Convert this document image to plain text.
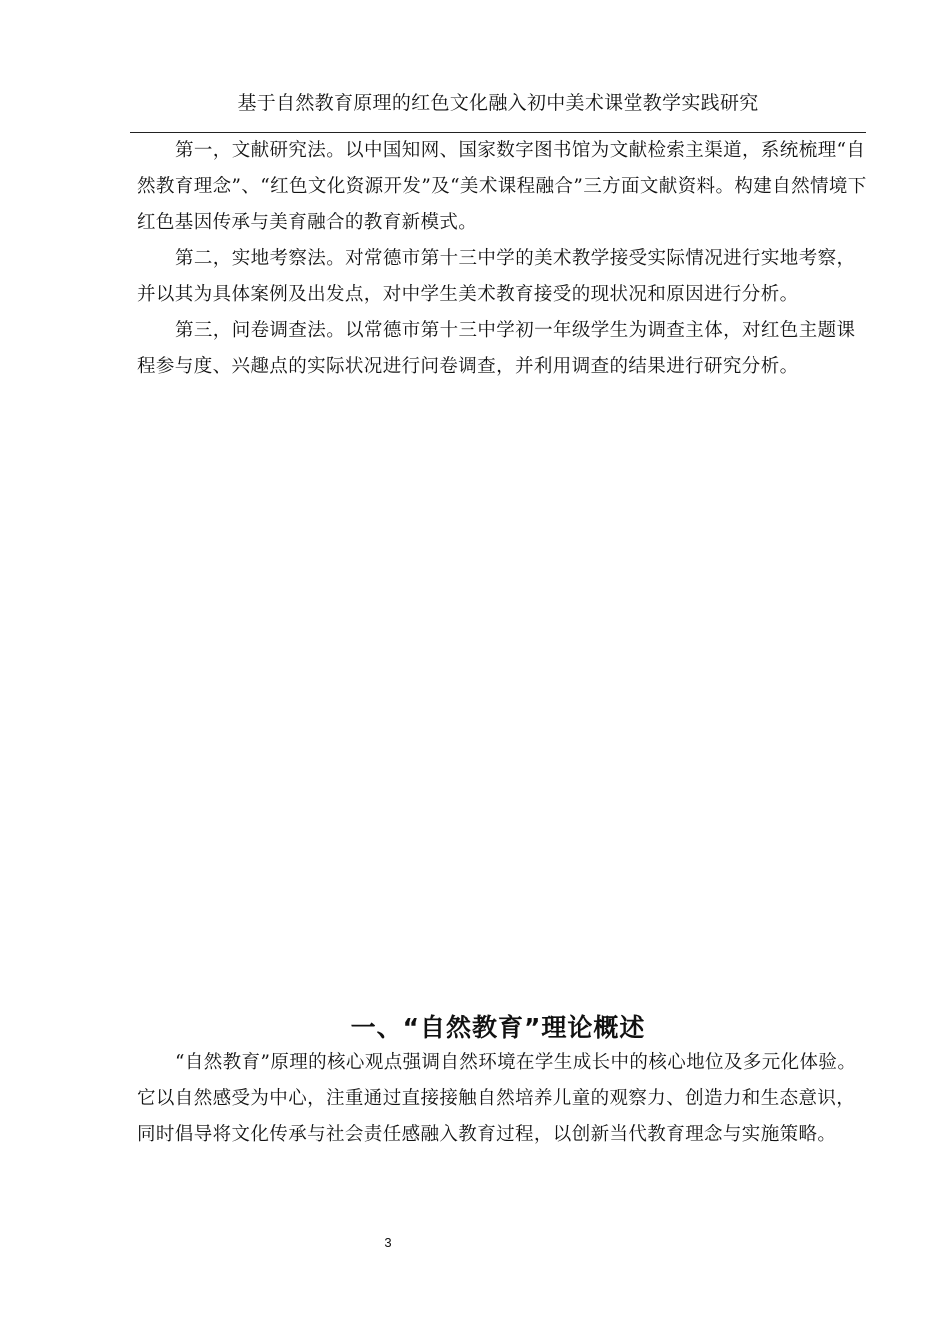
基于自然教育原理的红色文化融入初中美术课堂教学实践研究

第一，文献研究法。以中国知网、国家数字图书馆为文献检索主渠道，系统梳理“自然教育理念”、“红色文化资源开发”及“美术课程融合”三方面文献资料。构建自然情境下红色基因传承与美育融合的教育新模式。

第二，实地考察法。对常德市第十三中学的美术教学接受实际情况进行实地考察，并以其为具体案例及出发点，对中学生美术教育接受的现状况和原因进行分析。

第三，问卷调查法。以常德市第十三中学初一年级学生为调查主体，对红色主题课程参与度、兴趣点的实际状况进行问卷调查，并利用调查的结果进行研究分析。

一、“自然教育”理论概述

“自然教育”原理的核心观点强调自然环境在学生成长中的核心地位及多元化体验。它以自然感受为中心，注重通过直接接触自然培养儿童的观察力、创造力和生态意识，同时倡导将文化传承与社会责任感融入教育过程，以创新当代教育理念与实施策略。

3
